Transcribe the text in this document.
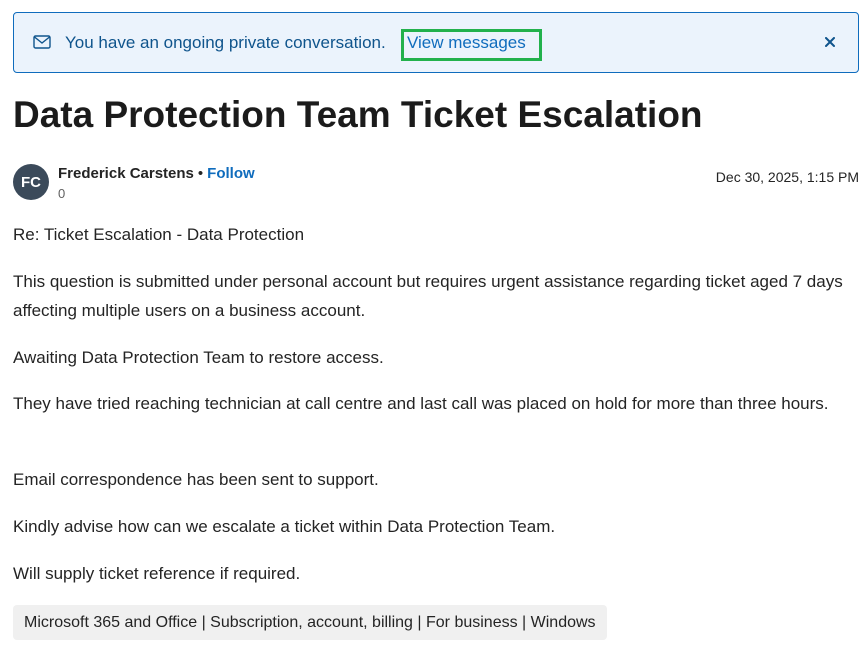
You have an ongoing private conversation. View messages
Data Protection Team Ticket Escalation
FC Frederick Carstens • Follow
0
Dec 30, 2025, 1:15 PM

Re: Ticket Escalation - Data Protection

This question is submitted under personal account but requires urgent assistance regarding ticket aged 7 days affecting multiple users on a business account.

Awaiting Data Protection Team to restore access.

They have tried reaching technician at call centre and last call was placed on hold for more than three hours.

Email correspondence has been sent to support.

Kindly advise how can we escalate a ticket within Data Protection Team.

Will supply ticket reference if required.

Microsoft 365 and Office | Subscription, account, billing | For business | Windows
